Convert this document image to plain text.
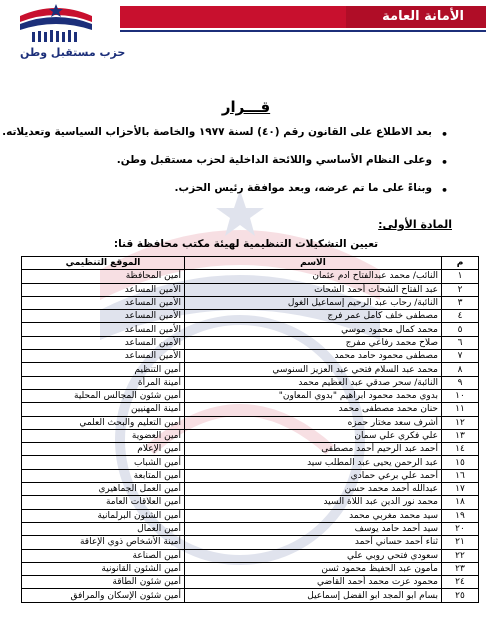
حزب مستقبل وطن
الأمانة العامة
قـــرار
•
بعد الاطلاع على القانون رقم (٤٠) لسنة ١٩٧٧ والخاصة بالأحزاب السياسية وتعديلاته.
•
وعلى النظام الأساسي واللائحة الداخلية لحزب مستقبل وطن.
•
وبناءً على ما تم عرضه، وبعد موافقة رئيس الحزب.
المادة الأولى:
تعيين التشكيلات التنظيمية لهيئة مكتب محافظة قنا:
م	الاسم	الموقع التنظيمي
١	النائب/ محمد عبدالفتاح ادم عثمان	أمين المحافظة
٢	عبد الفتاح الشحات أحمد الشحات	الأمين المساعد
٣	النائبة/ رحاب عبد الرحيم إسماعيل الغول	الأمين المساعد
٤	مصطفى خلف كامل عمر فرج	الأمين المساعد
٥	محمد كمال محمود موسي	الأمين المساعد
٦	صلاح محمد رفاعي مفرج	الأمين المساعد
٧	مصطفى محمود حامد محمد	الأمين المساعد
٨	محمد عبد السلام فتحي عبد العزيز السنوسي	أمين التنظيم
٩	النائبة/ سحر صدقي عبد العظيم محمد	أمينة المرأة
١٠	بدوي محمد محمود ابراهيم "بدوي المعاون"	أمين شئون المجالس المحلية
١١	حنان محمد مصطفى محمد	أمينة المهنيين
١٢	أشرف سعد مختار حمزه	أمين التعليم والبحث العلمي
١٣	علي فكري علي سمان	أمين العضوية
١٤	أحمد عبد الرحيم أحمد مصطفى	أمين الإعلام
١٥	عبد الرحمن يحيى عبد المطلب سيد	أمين الشباب
١٦	أحمد علي برعي حمادي	أمين المتابعة
١٧	عبدالله أحمد محمد حسن	أمين العمل الجماهيري
١٨	محمد نور الدين عبد اللاة السيد	أمين العلاقات العامة
١٩	سيد محمد مغربي محمد	أمين الشئون البرلمانية
٢٠	سيد أحمد حامد يوسف	أمين العمال
٢١	ثناء أحمد حساني أحمد	أمينة الأشخاص ذوي الإعاقة
٢٢	سعودي فتحي روبي علي	أمين الصناعة
٢٣	مأمون عبد الحفيظ محمود ثسن	أمين الشئون القانونية
٢٤	محمود عزت محمد أحمد القاضي	أمين شئون الطاقة
٢٥	بسام ابو المجد ابو الفضل إسماعيل	أمين شئون الإسكان والمرافق
